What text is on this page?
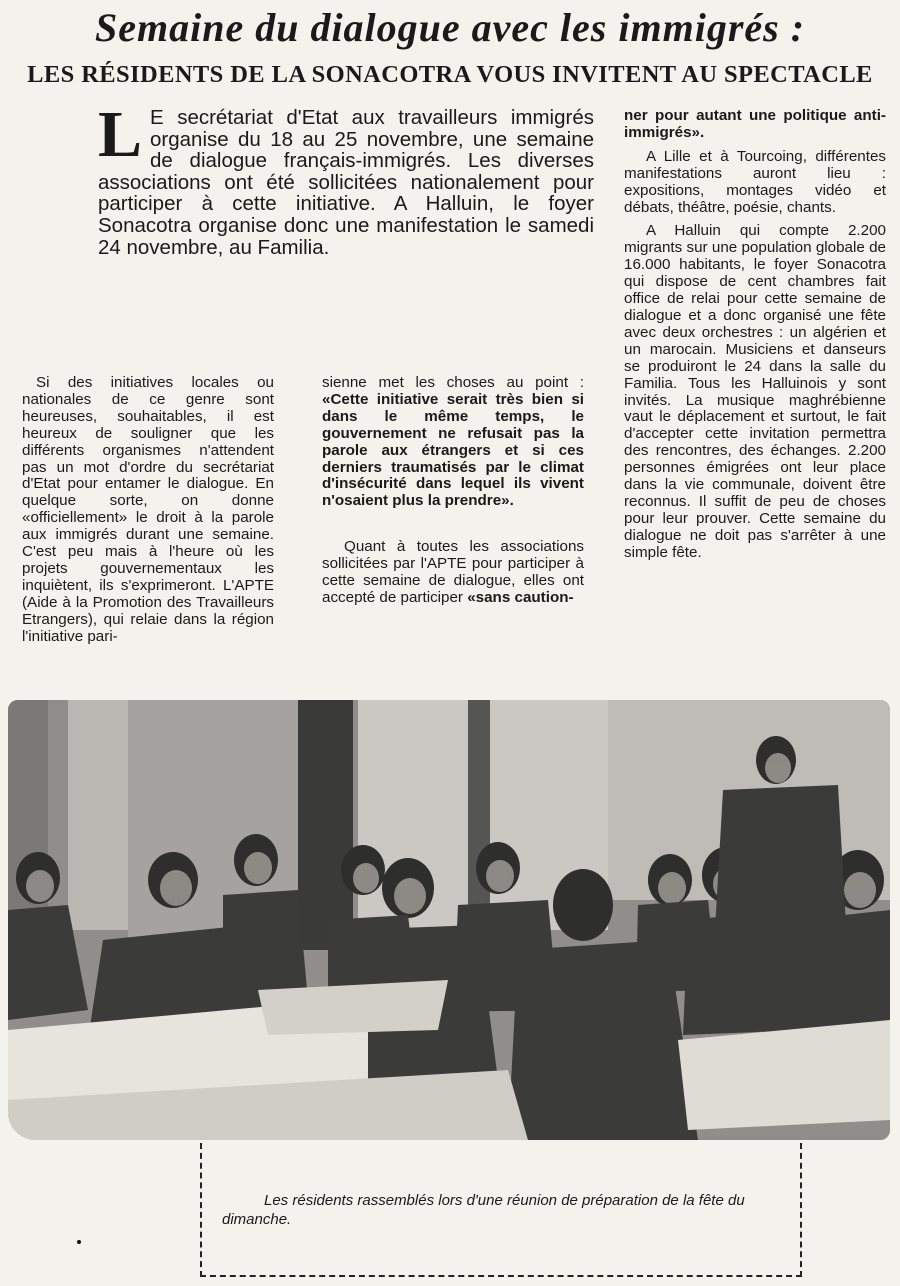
Semaine du dialogue avec les immigrés :
LES RÉSIDENTS DE LA SONACOTRA VOUS INVITENT AU SPECTACLE
L E secrétariat d'Etat aux travailleurs immigrés organise du 18 au 25 novembre, une semaine de dialogue français-immigrés. Les diverses associations ont été sollicitées nationalement pour participer à cette initiative. A Halluin, le foyer Sonacotra organise donc une manifestation le samedi 24 novembre, au Familia.

Si des initiatives locales ou nationales de ce genre sont heureuses, souhaitables, il est heureux de souligner que les différents organismes n'attendent pas un mot d'ordre du secrétariat d'Etat pour entamer le dialogue. En quelque sorte, on donne «officiellement» le droit à la parole aux immigrés durant une semaine. C'est peu mais à l'heure où les projets gouvernementaux les inquiètent, ils s'exprimeront. L'APTE (Aide à la Promotion des Travailleurs Etrangers), qui relaie dans la région l'initiative pari-

sienne met les choses au point : «Cette initiative serait très bien si dans le même temps, le gouvernement ne refusait pas la parole aux étrangers et si ces derniers traumatisés par le climat d'insécurité dans lequel ils vivent n'osaient plus la prendre».

Quant à toutes les associations sollicitées par l'APTE pour participer à cette semaine de dialogue, elles ont accepté de participer «sans caution-

ner pour autant une politique anti-immigrés».

A Lille et à Tourcoing, différentes manifestations auront lieu : expositions, montages vidéo et débats, théâtre, poésie, chants.

A Halluin qui compte 2.200 migrants sur une population globale de 16.000 habitants, le foyer Sonacotra qui dispose de cent chambres fait office de relai pour cette semaine de dialogue et a donc organisé une fête avec deux orchestres : un algérien et un marocain. Musiciens et danseurs se produiront le 24 dans la salle du Familia. Tous les Halluinois y sont invités. La musique maghrébienne vaut le déplacement et surtout, le fait d'accepter cette invitation permettra des rencontres, des échanges. 2.200 personnes émigrées ont leur place dans la vie communale, doivent être reconnus. Il suffit de peu de choses pour leur prouver. Cette semaine du dialogue ne doit pas s'arrêter à une simple fête.

Les résidents rassemblés lors d'une réunion de préparation de la fête du dimanche.
